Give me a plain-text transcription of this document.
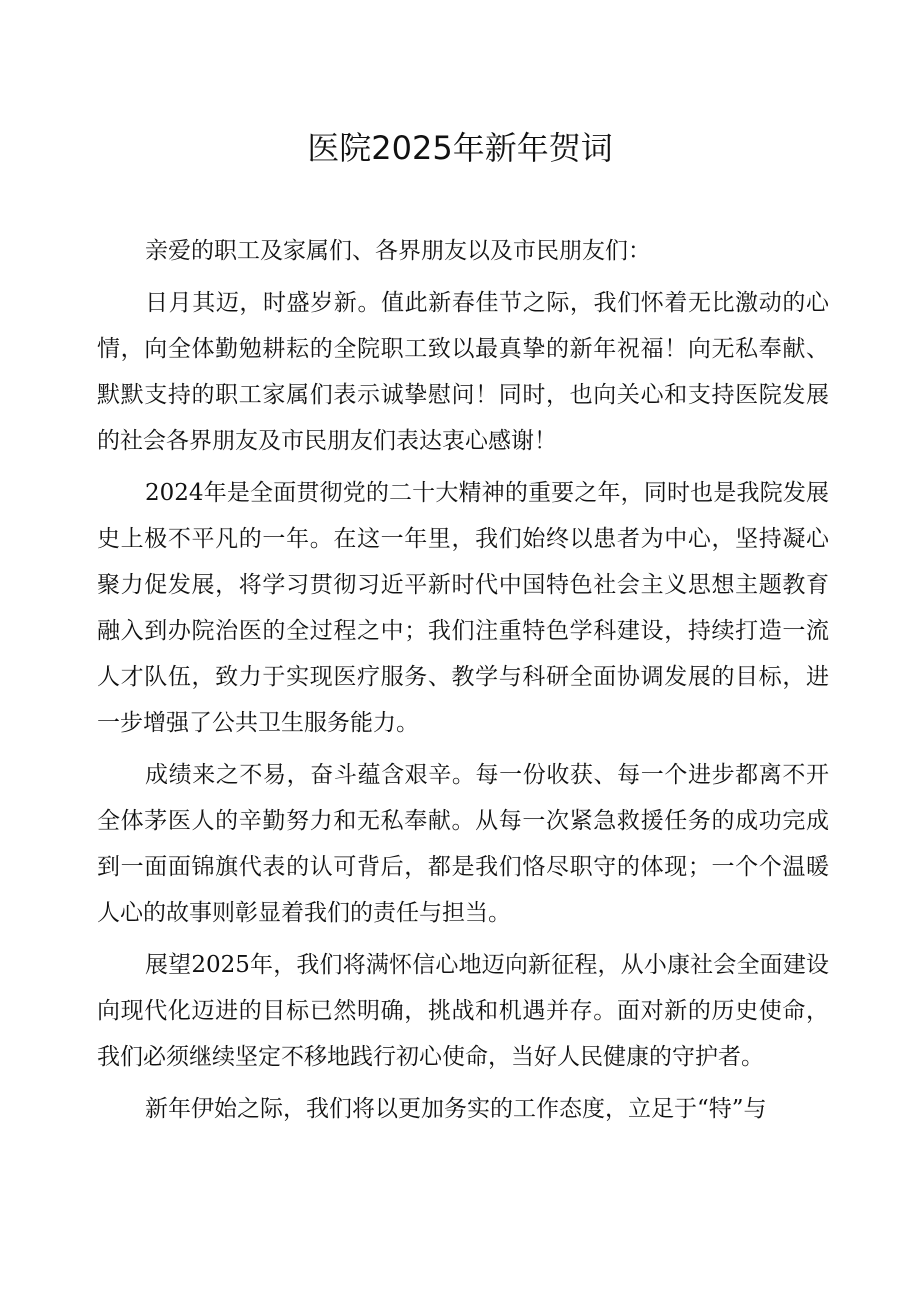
医院2025年新年贺词

亲爱的职工及家属们、各界朋友以及市民朋友们：

日月其迈，时盛岁新。值此新春佳节之际，我们怀着无比激动的心情，向全体勤勉耕耘的全院职工致以最真挚的新年祝福！向无私奉献、默默支持的职工家属们表示诚挚慰问！同时，也向关心和支持医院发展的社会各界朋友及市民朋友们表达衷心感谢！

2024年是全面贯彻党的二十大精神的重要之年，同时也是我院发展史上极不平凡的一年。在这一年里，我们始终以患者为中心，坚持凝心聚力促发展，将学习贯彻习近平新时代中国特色社会主义思想主题教育融入到办院治医的全过程之中；我们注重特色学科建设，持续打造一流人才队伍，致力于实现医疗服务、教学与科研全面协调发展的目标，进一步增强了公共卫生服务能力。

成绩来之不易，奋斗蕴含艰辛。每一份收获、每一个进步都离不开全体茅医人的辛勤努力和无私奉献。从每一次紧急救援任务的成功完成到一面面锦旗代表的认可背后，都是我们恪尽职守的体现；一个个温暖人心的故事则彰显着我们的责任与担当。

展望2025年，我们将满怀信心地迈向新征程，从小康社会全面建设向现代化迈进的目标已然明确，挑战和机遇并存。面对新的历史使命，我们必须继续坚定不移地践行初心使命，当好人民健康的守护者。

新年伊始之际，我们将以更加务实的工作态度，立足于“特”与
